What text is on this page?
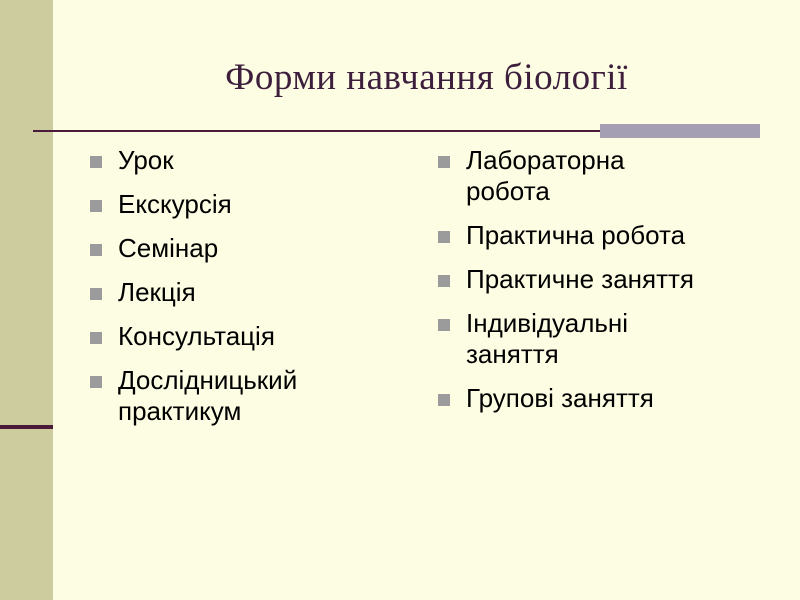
Форми навчання біології
Урок
Екскурсія
Семінар
Лекція
Консультація
Дослідницький практикум
Лабораторна робота
Практична робота
Практичне заняття
Індивідуальні заняття
Групові заняття
